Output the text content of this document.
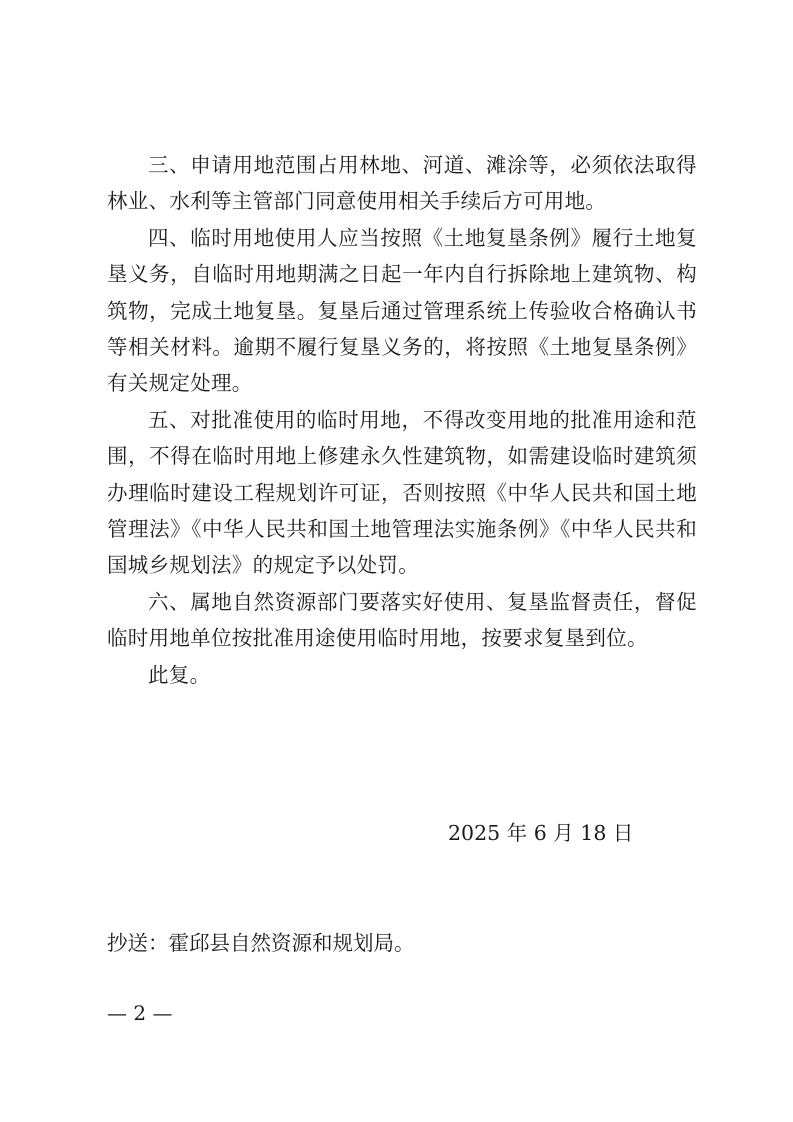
三、申请用地范围占用林地、河道、滩涂等，必须依法取得林业、水利等主管部门同意使用相关手续后方可用地。

四、临时用地使用人应当按照《土地复垦条例》履行土地复垦义务，自临时用地期满之日起一年内自行拆除地上建筑物、构筑物，完成土地复垦。复垦后通过管理系统上传验收合格确认书等相关材料。逾期不履行复垦义务的，将按照《土地复垦条例》有关规定处理。

五、对批准使用的临时用地，不得改变用地的批准用途和范围，不得在临时用地上修建永久性建筑物，如需建设临时建筑须办理临时建设工程规划许可证，否则按照《中华人民共和国土地管理法》《中华人民共和国土地管理法实施条例》《中华人民共和国城乡规划法》的规定予以处罚。

六、属地自然资源部门要落实好使用、复垦监督责任，督促临时用地单位按批准用途使用临时用地，按要求复垦到位。

此复。

2025 年 6 月 18 日
抄送：霍邱县自然资源和规划局。
— 2 —
